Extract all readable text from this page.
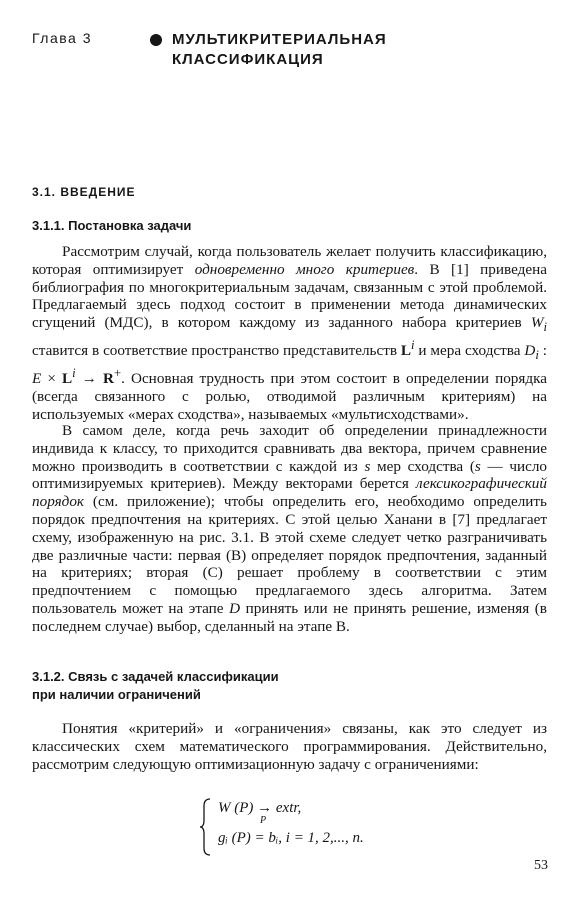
Глава 3	МУЛЬТИКРИТЕРИАЛЬНАЯ
КЛАССИФИКАЦИЯ
3.1. ВВЕДЕНИЕ
3.1.1. Постановка задачи

Рассмотрим случай, когда пользователь желает получить классификацию, которая оптимизирует одновременно много критериев. В [1] приведена библиография по многокритериальным задачам, связанным с этой проблемой. Предлагаемый здесь подход состоит в применении метода динамических сгущений (МДС), в котором каждому из заданного набора критериев $W_i$ ставится в соответствие пространство представительств $L^i$ и мера сходства $D_i$ : $E \times L^i \to R^+$. Основная трудность при этом состоит в определении порядка (всегда связанного с ролью, отводимой различным критериям) на используемых «мерах сходства», называемых «мультисходствами».

В самом деле, когда речь заходит об определении принадлежности индивида к классу, то приходится сравнивать два вектора, причем сравнение можно производить в соответствии с каждой из s мер сходства (s — число оптимизируемых критериев). Между векторами берется лексикографический порядок (см. приложение); чтобы определить его, необходимо определить порядок предпочтения на критериях. С этой целью Ханани в [7] предлагает схему, изображенную на рис. 3.1. В этой схеме следует четко разграничивать две различные части: первая (B) определяет порядок предпочтения, заданный на критериях; вторая (C) решает проблему в соответствии с этим предпочтением с помощью предлагаемого здесь алгоритма. Затем пользователь может на этапе D принять или не принять решение, изменяя (в последнем случае) выбор, сделанный на этапе B.

3.1.2. Связь с задачей классификации
при наличии ограничений

Понятия «критерий» и «ограничения» связаны, как это следует из классических схем математического программирования. Действительно, рассмотрим следующую оптимизационную задачу с ограничениями:

W (P) → extr,
P
gᵢ (P) = bᵢ, i = 1, 2,..., n.
53
